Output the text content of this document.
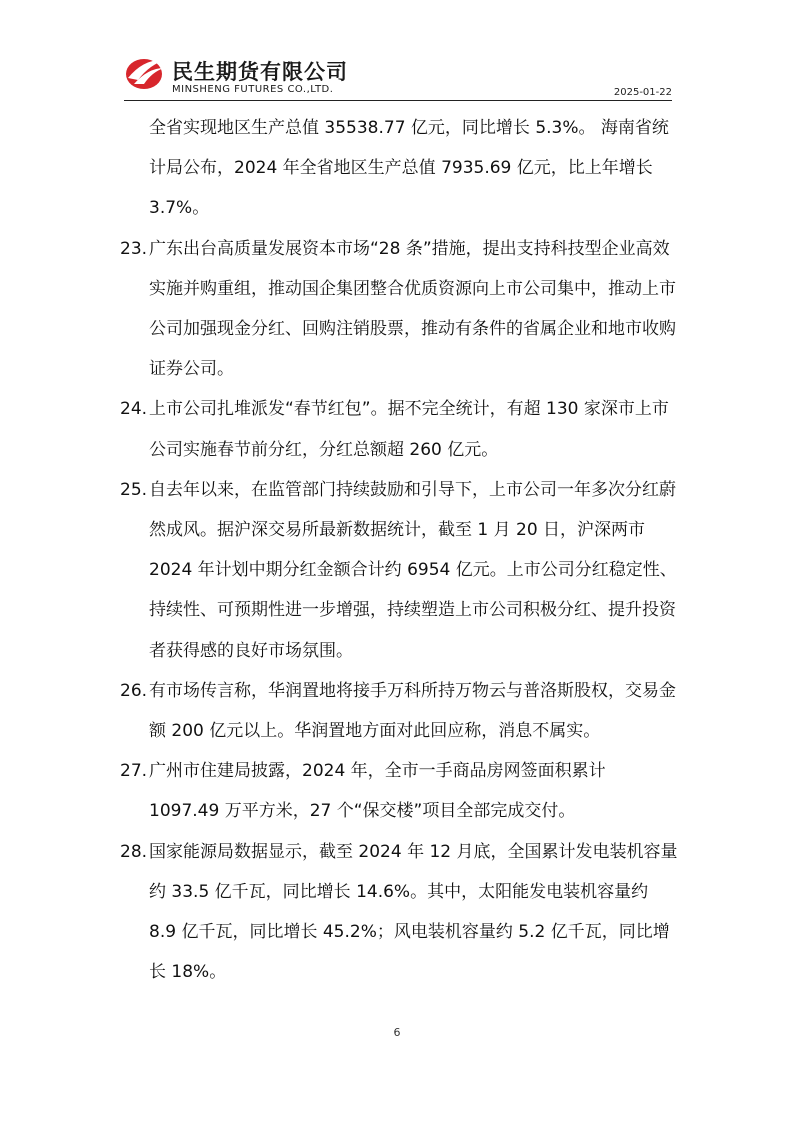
民生期货有限公司
MINSHENG FUTURES CO.,LTD.	2025-01-22

全省实现地区生产总值 35538.77 亿元，同比增长 5.3%。 海南省统计局公布，2024 年全省地区生产总值 7935.69 亿元，比上年增长 3.7%。

23. 广东出台高质量发展资本市场“28 条”措施，提出支持科技型企业高效实施并购重组，推动国企集团整合优质资源向上市公司集中，推动上市公司加强现金分红、回购注销股票，推动有条件的省属企业和地市收购证券公司。
24. 上市公司扎堆派发“春节红包”。据不完全统计，有超 130 家深市上市公司实施春节前分红，分红总额超 260 亿元。
25. 自去年以来，在监管部门持续鼓励和引导下，上市公司一年多次分红蔚然成风。据沪深交易所最新数据统计，截至 1 月 20 日，沪深两市 2024 年计划中期分红金额合计约 6954 亿元。上市公司分红稳定性、持续性、可预期性进一步增强，持续塑造上市公司积极分红、提升投资者获得感的良好市场氛围。
26. 有市场传言称，华润置地将接手万科所持万物云与普洛斯股权，交易金额 200 亿元以上。华润置地方面对此回应称，消息不属实。
27. 广州市住建局披露，2024 年，全市一手商品房网签面积累计 1097.49 万平方米，27 个“保交楼”项目全部完成交付。
28. 国家能源局数据显示，截至 2024 年 12 月底，全国累计发电装机容量约 33.5 亿千瓦，同比增长 14.6%。其中，太阳能发电装机容量约 8.9 亿千瓦，同比增长 45.2%；风电装机容量约 5.2 亿千瓦，同比增长 18%。
6
